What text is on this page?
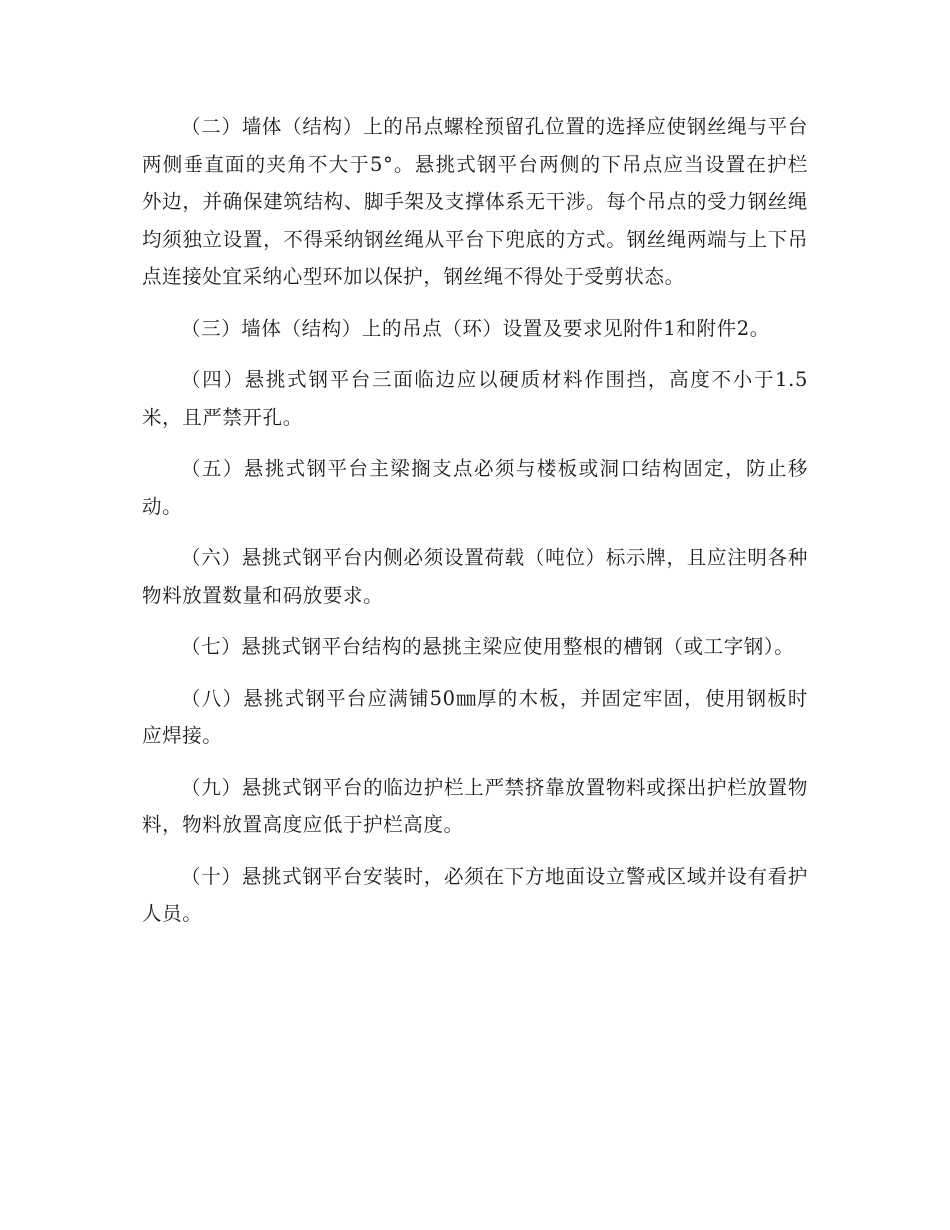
（二）墙体（结构）上的吊点螺栓预留孔位置的选择应使钢丝绳与平台两侧垂直面的夹角不大于5°。悬挑式钢平台两侧的下吊点应当设置在护栏外边，并确保建筑结构、脚手架及支撑体系无干涉。每个吊点的受力钢丝绳均须独立设置，不得采纳钢丝绳从平台下兜底的方式。钢丝绳两端与上下吊点连接处宜采纳心型环加以保护，钢丝绳不得处于受剪状态。

（三）墙体（结构）上的吊点（环）设置及要求见附件1和附件2。

（四）悬挑式钢平台三面临边应以硬质材料作围挡，高度不小于1.5米，且严禁开孔。

（五）悬挑式钢平台主梁搁支点必须与楼板或洞口结构固定，防止移动。

（六）悬挑式钢平台内侧必须设置荷载（吨位）标示牌，且应注明各种物料放置数量和码放要求。

（七）悬挑式钢平台结构的悬挑主梁应使用整根的槽钢（或工字钢）。

（八）悬挑式钢平台应满铺50㎜厚的木板，并固定牢固，使用钢板时应焊接。

（九）悬挑式钢平台的临边护栏上严禁挤靠放置物料或探出护栏放置物料，物料放置高度应低于护栏高度。

（十）悬挑式钢平台安装时，必须在下方地面设立警戒区域并设有看护人员。
